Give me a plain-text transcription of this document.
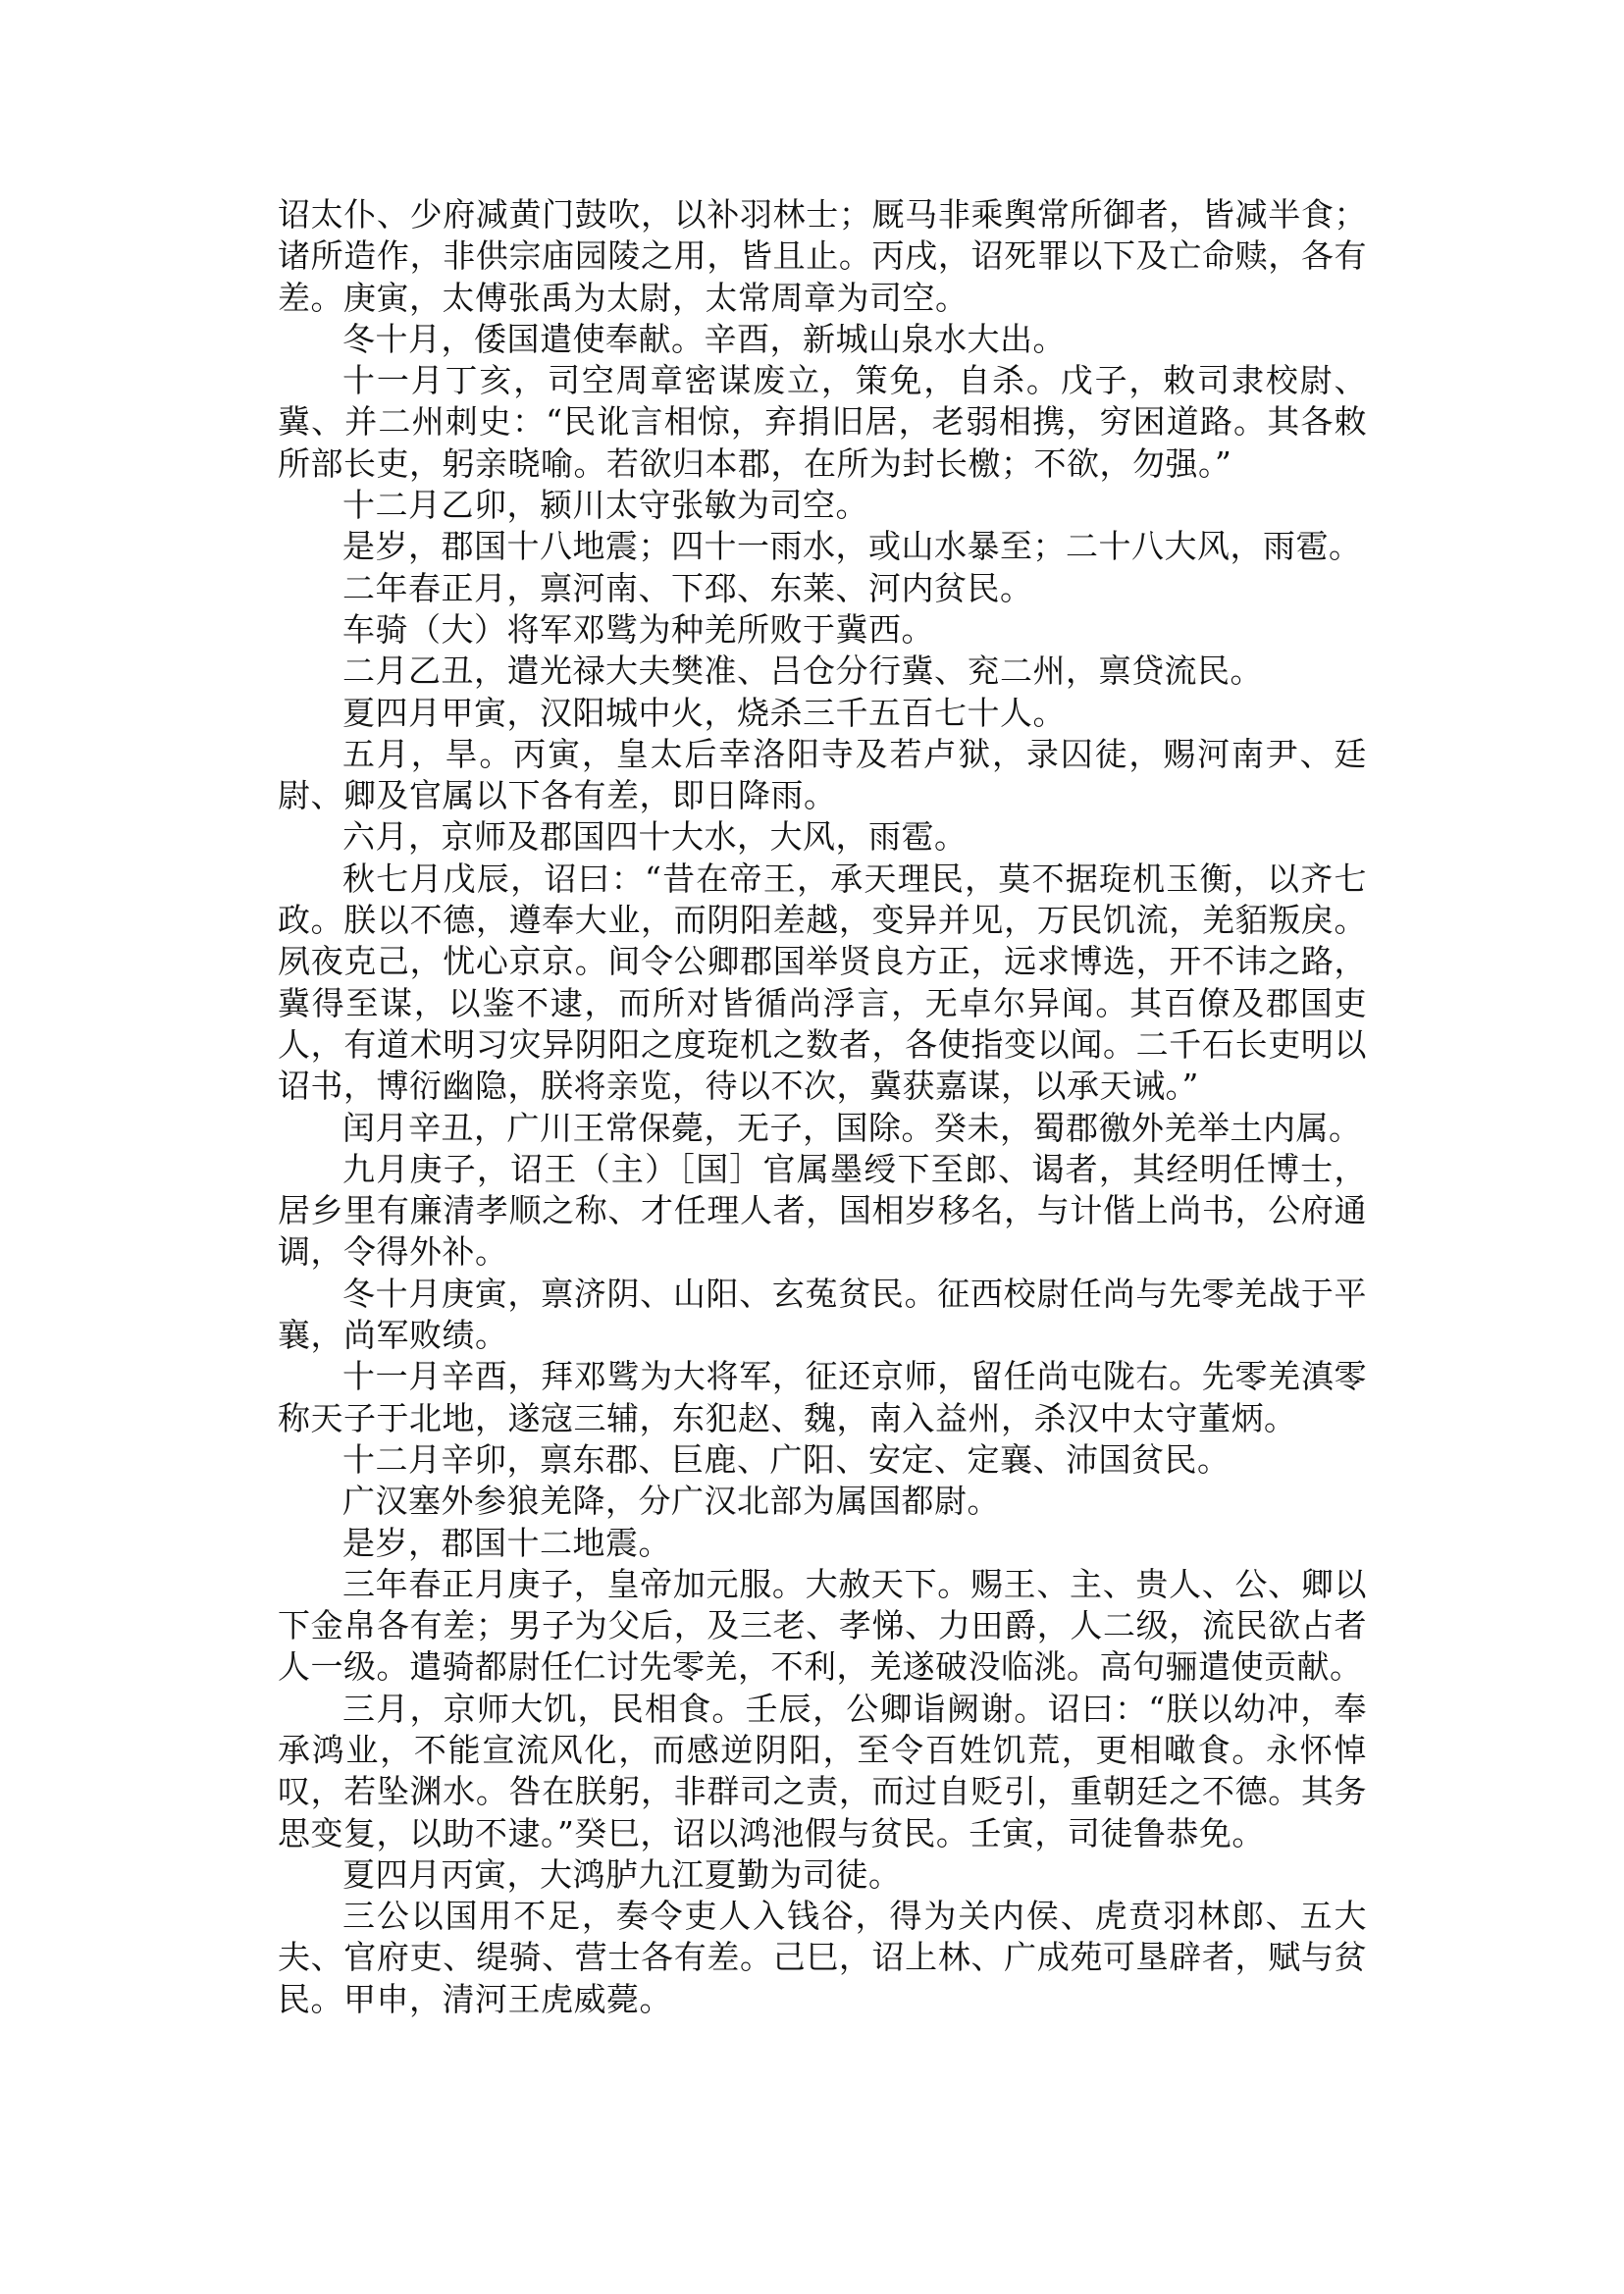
诏太仆、少府减黄门鼓吹，以补羽林士；厩马非乘舆常所御者，皆减半食；诸所造作，非供宗庙园陵之用，皆且止。丙戌，诏死罪以下及亡命赎，各有差。庚寅，太傅张禹为太尉，太常周章为司空。

冬十月，倭国遣使奉献。辛酉，新城山泉水大出。

十一月丁亥，司空周章密谋废立，策免，自杀。戊子，敕司隶校尉、冀、并二州刺史：“民讹言相惊，弃捐旧居，老弱相携，穷困道路。其各敕所部长吏，躬亲晓喻。若欲归本郡，在所为封长檄；不欲，勿强。”

十二月乙卯，颍川太守张敏为司空。

是岁，郡国十八地震；四十一雨水，或山水暴至；二十八大风，雨雹。

二年春正月，禀河南、下邳、东莱、河内贫民。

车骑（大）将军邓骘为种羌所败于冀西。

二月乙丑，遣光禄大夫樊准、吕仓分行冀、兖二州，禀贷流民。

夏四月甲寅，汉阳城中火，烧杀三千五百七十人。

五月，旱。丙寅，皇太后幸洛阳寺及若卢狱，录囚徒，赐河南尹、廷尉、卿及官属以下各有差，即日降雨。

六月，京师及郡国四十大水，大风，雨雹。

秋七月戊辰，诏曰：“昔在帝王，承天理民，莫不据琁机玉衡，以齐七政。朕以不德，遵奉大业，而阴阳差越，变异并见，万民饥流，羌貊叛戾。夙夜克己，忧心京京。间令公卿郡国举贤良方正，远求博选，开不讳之路，冀得至谋，以鉴不逮，而所对皆循尚浮言，无卓尔异闻。其百僚及郡国吏人，有道术明习灾异阴阳之度琁机之数者，各使指变以闻。二千石长吏明以诏书，博衍幽隐，朕将亲览，待以不次，冀获嘉谋，以承天诫。”

闰月辛丑，广川王常保薨，无子，国除。癸未，蜀郡徼外羌举土内属。

九月庚子，诏王（主）［国］官属墨绶下至郎、谒者，其经明任博士，居乡里有廉清孝顺之称、才任理人者，国相岁移名，与计偕上尚书，公府通调，令得外补。

冬十月庚寅，禀济阴、山阳、玄菟贫民。征西校尉任尚与先零羌战于平襄，尚军败绩。

十一月辛酉，拜邓骘为大将军，征还京师，留任尚屯陇右。先零羌滇零称天子于北地，遂寇三辅，东犯赵、魏，南入益州，杀汉中太守董炳。

十二月辛卯，禀东郡、巨鹿、广阳、安定、定襄、沛国贫民。

广汉塞外参狼羌降，分广汉北部为属国都尉。

是岁，郡国十二地震。

三年春正月庚子，皇帝加元服。大赦天下。赐王、主、贵人、公、卿以下金帛各有差；男子为父后，及三老、孝悌、力田爵，人二级，流民欲占者人一级。遣骑都尉任仁讨先零羌，不利，羌遂破没临洮。高句骊遣使贡献。

三月，京师大饥，民相食。壬辰，公卿诣阙谢。诏曰：“朕以幼冲，奉承鸿业，不能宣流风化，而感逆阴阳，至令百姓饥荒，更相噉食。永怀悼叹，若坠渊水。咎在朕躬，非群司之责，而过自贬引，重朝廷之不德。其务思变复，以助不逮。”癸巳，诏以鸿池假与贫民。壬寅，司徒鲁恭免。

夏四月丙寅，大鸿胪九江夏勤为司徒。

三公以国用不足，奏令吏人入钱谷，得为关内侯、虎贲羽林郎、五大夫、官府吏、缇骑、营士各有差。己巳，诏上林、广成苑可垦辟者，赋与贫民。甲申，清河王虎威薨。
